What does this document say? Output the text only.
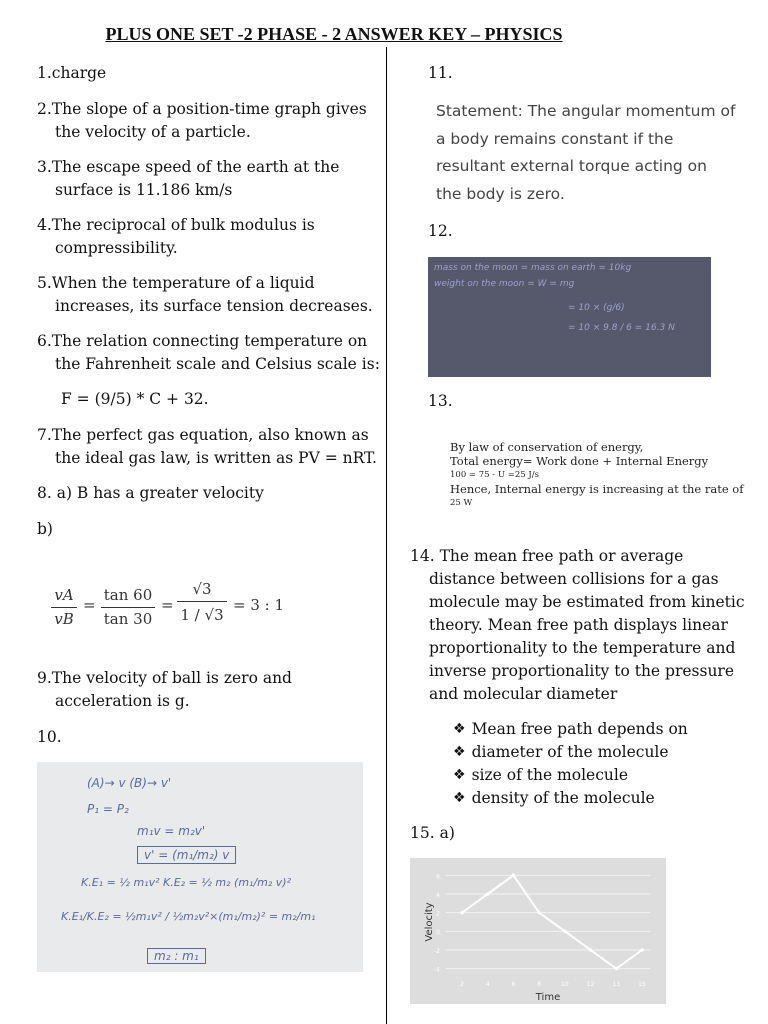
PLUS ONE SET -2 PHASE - 2 ANSWER KEY – PHYSICS
1.charge
2.The slope of a position-time graph gives
the velocity of a particle.
3.The escape speed of the earth at the
surface is 11.186 km/s
4.The reciprocal of bulk modulus is
compressibility.
5.When the temperature of a liquid
increases, its surface tension decreases.
6.The relation connecting temperature on
the Fahrenheit scale and Celsius scale is:
F = (9/5) * C + 32.
7.The perfect gas equation, also known as
the ideal gas law, is written as PV = nRT.
8. a) B has a greater velocity
b)
vA
vB
=
tan 60
tan 30
=
√3
1 / √3
= 3 : 1
9.The velocity of ball is zero and
acceleration is g.
10.
(A)→ v (B)→ v'
P₁ = P₂
m₁v = m₂v'
v' = (m₁/m₂) v
K.E₁ = ½ m₁v² K.E₂ = ½ m₂ (m₁/m₂ v)²
K.E₁/K.E₂ = ½m₁v² / ½m₂v²×(m₁/m₂)² = m₂/m₁
m₂ : m₁
11.
Statement: The angular momentum of a body remains constant if the resultant external torque acting on the body is zero.
12.
13.
mass on the moon = mass on earth = 10kg
weight on the moon = W = mg
= 10 × (g/6)
= 10 × 9.8 / 6 = 16.3 N
By law of conservation of energy,
Total energy= Work done + Internal Energy
100 = 75 - U =25 J/s
Hence, Internal energy is increasing at the rate of
25 W
14. The mean free path or average
distance between collisions for a gas
molecule may be estimated from kinetic
theory. Mean free path displays linear
proportionality to the temperature and
inverse proportionality to the pressure
and molecular diameter
❖ Mean free path depends on
❖ diameter of the molecule
❖ size of the molecule
❖ density of the molecule
15. a)
6
4
2
0
-2
-4
2	4	6	8	10	12	13	15
Time
Velocity
